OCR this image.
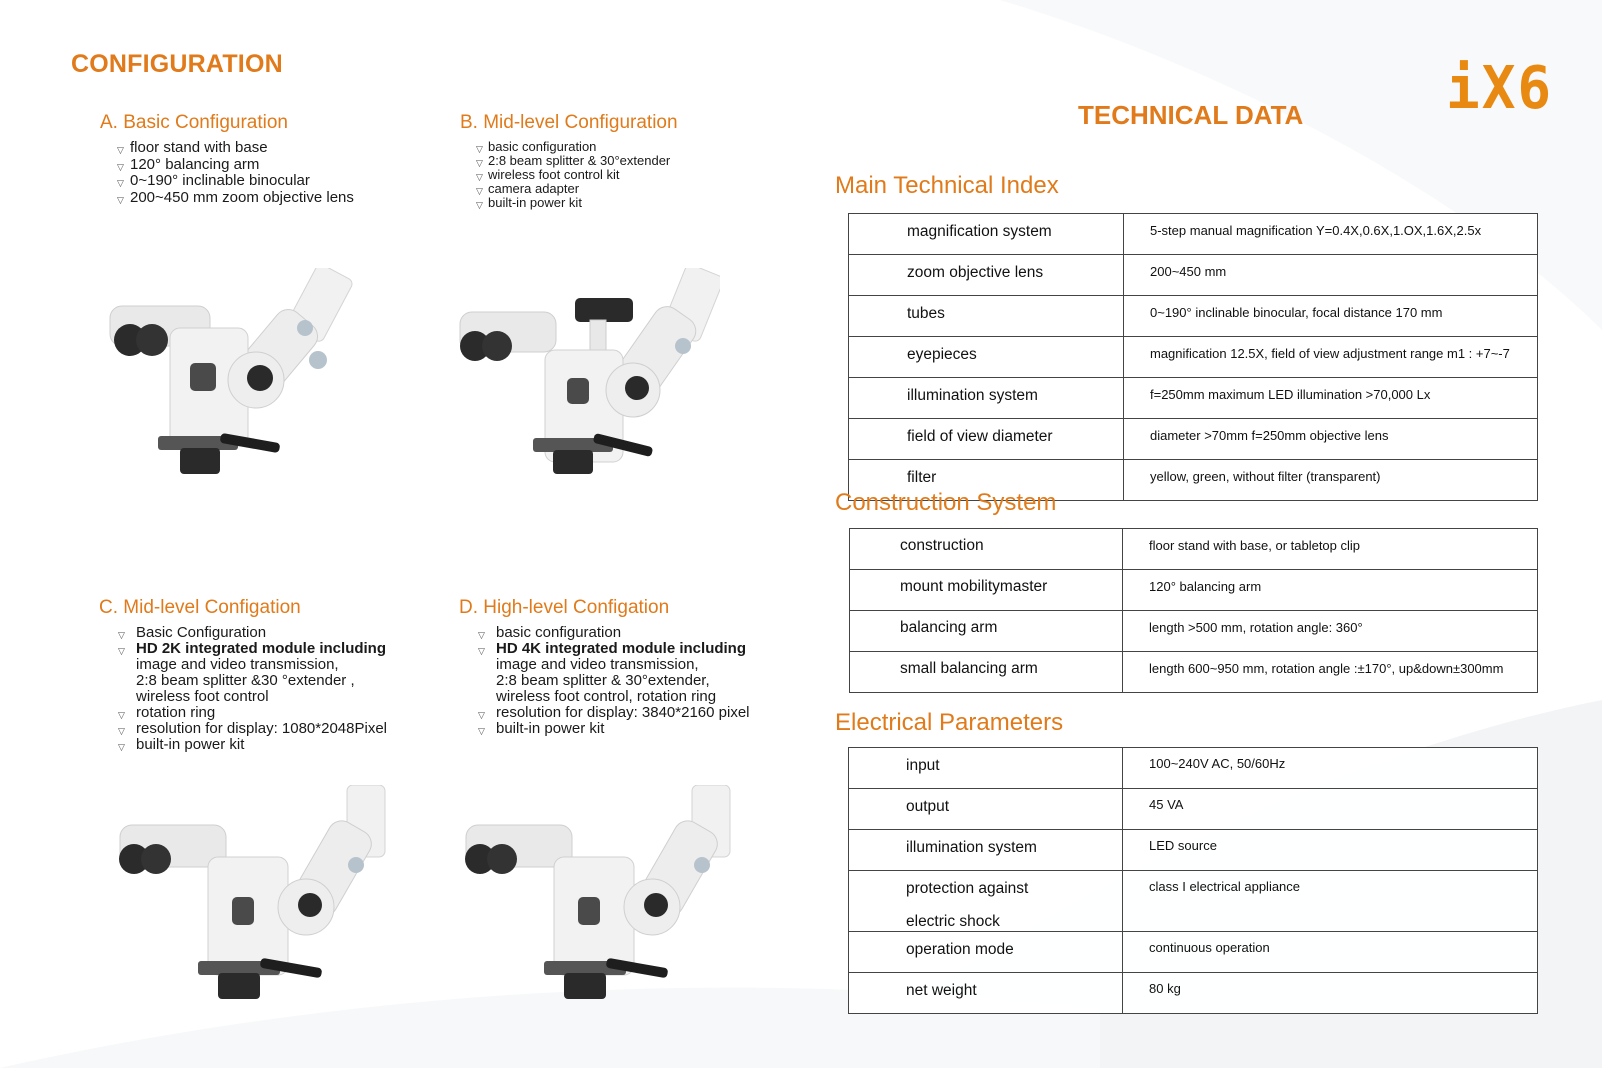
CONFIGURATION
TECHNICAL DATA	iX6
A. Basic Configuration
▽ floor stand with base
▽ 120° balancing arm
▽ 0~190° inclinable binocular
▽ 200~450 mm zoom objective lens
B. Mid-level Configuration
▽ basic configuration
▽ 2:8 beam splitter & 30°extender
▽ wireless foot control kit
▽ camera adapter
▽ built-in power kit
C. Mid-level Configation
▽ Basic Configuration
▽ HD 2K integrated module including
image and video transmission,
2:8 beam splitter &30 °extender ,
wireless foot control
▽ rotation ring
▽ resolution for display: 1080*2048Pixel
▽ built-in power kit
D. High-level Configation
▽ basic configuration
▽ HD 4K integrated module including
image and video transmission,
2:8 beam splitter & 30°extender,
wireless foot control, rotation ring
▽ resolution for display: 3840*2160 pixel
▽ built-in power kit
Main Technical Index
magnification system	5-step manual magnification Y=0.4X,0.6X,1.OX,1.6X,2.5x
zoom objective lens	200~450 mm
tubes	0~190° inclinable binocular, focal distance 170 mm
eyepieces	magnification 12.5X, field of view adjustment range m1 : +7~-7
illumination system	f=250mm maximum LED illumination >70,000 Lx
field of view diameter	diameter >70mm f=250mm objective lens
filter	yellow, green, without filter (transparent)
Construction System
construction	floor stand with base, or tabletop clip
mount mobilitymaster	120° balancing arm
balancing arm	length >500 mm, rotation angle: 360°
small balancing arm	length 600~950 mm, rotation angle :±170°, up&down±300mm
Electrical Parameters
input	100~240V AC, 50/60Hz
output	45 VA
illumination system	LED source
protection against
electric shock	class I electrical appliance
operation mode	continuous operation
net weight	80 kg
